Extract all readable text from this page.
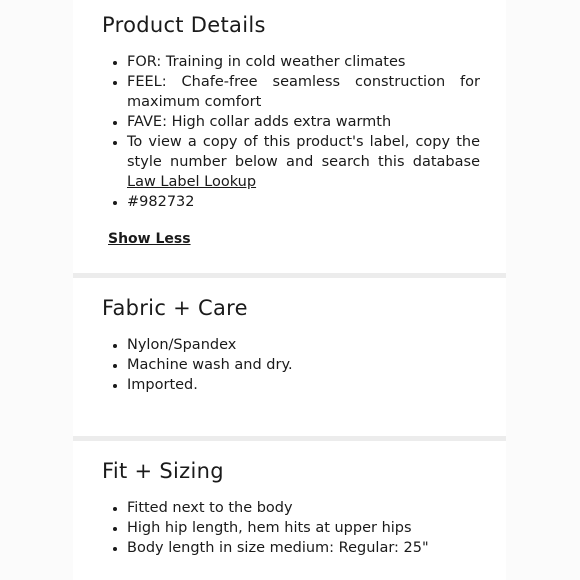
Product Details
• FOR: Training in cold weather climates
• FEEL: Chafe-free seamless construction for maximum comfort
• FAVE: High collar adds extra warmth
• To view a copy of this product's label, copy the style number below and search this database Law Label Lookup
• #982732
Show Less
Fabric + Care
• Nylon/Spandex
• Machine wash and dry.
• Imported.
Fit + Sizing
• Fitted next to the body
• High hip length, hem hits at upper hips
• Body length in size medium: Regular: 25"
